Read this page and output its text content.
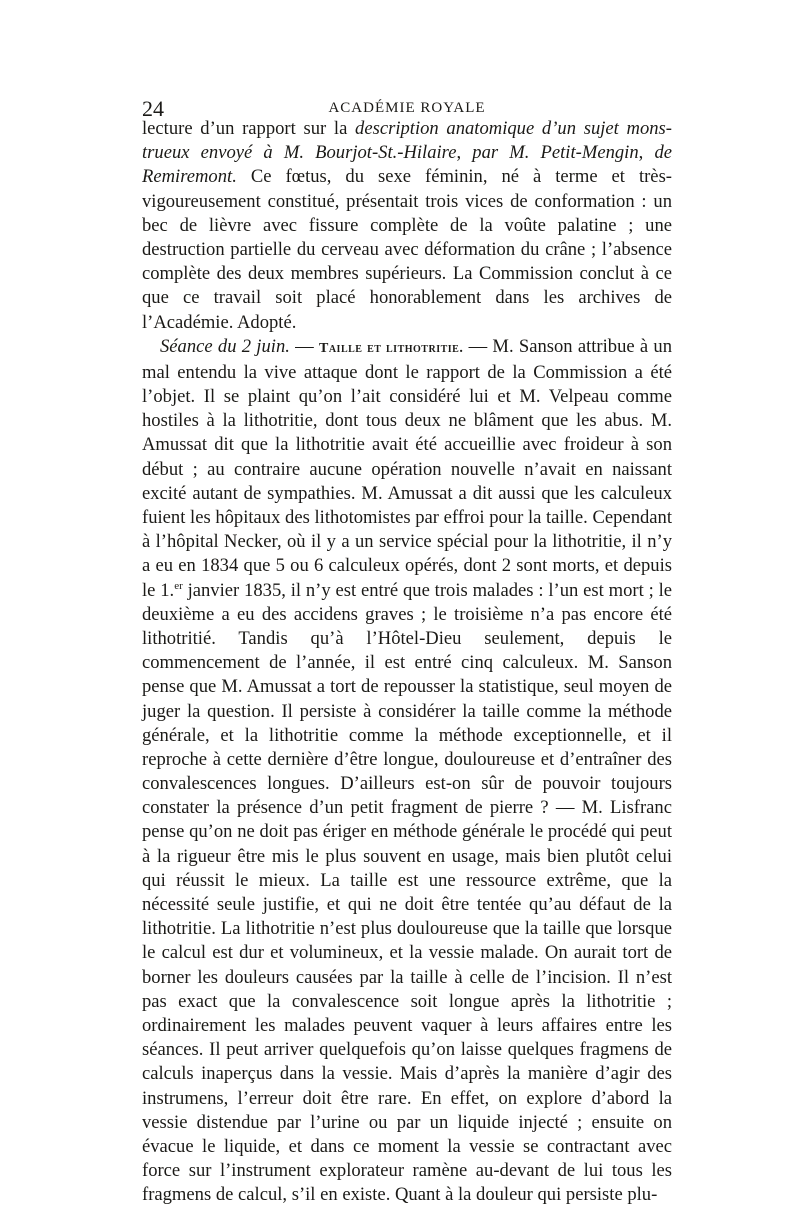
24	ACADÉMIE ROYALE

lecture d’un rapport sur la description anatomique d’un sujet mons-trueux envoyé à M. Bourjot-St.-Hilaire, par M. Petit-Mengin, de Remiremont. Ce fœtus, du sexe féminin, né à terme et très-vigoureusement constitué, présentait trois vices de conformation : un bec de lièvre avec fissure complète de la voûte palatine ; une destruction partielle du cerveau avec déformation du crâne ; l’absence complète des deux membres supérieurs. La Commission conclut à ce que ce travail soit placé honorablement dans les archives de l’Académie. Adopté.

Séance du 2 juin. — Taille et lithotritie. — M. Sanson attribue à un mal entendu la vive attaque dont le rapport de la Commission a été l’objet. Il se plaint qu’on l’ait considéré lui et M. Velpeau comme hostiles à la lithotritie, dont tous deux ne blâment que les abus. M. Amussat dit que la lithotritie avait été accueillie avec froideur à son début ; au contraire aucune opération nouvelle n’avait en naissant excité autant de sympathies. M. Amussat a dit aussi que les calculeux fuient les hôpitaux des lithotomistes par effroi pour la taille. Cependant à l’hôpital Necker, où il y a un service spécial pour la lithotritie, il n’y a eu en 1834 que 5 ou 6 calculeux opérés, dont 2 sont morts, et depuis le 1.$^{er}$ janvier 1835, il n’y est entré que trois malades : l’un est mort ; le deuxième a eu des accidens graves ; le troisième n’a pas encore été lithotritié. Tandis qu’à l’Hôtel-Dieu seulement, depuis le commencement de l’année, il est entré cinq calculeux. M. Sanson pense que M. Amussat a tort de repousser la statistique, seul moyen de juger la question. Il persiste à considérer la taille comme la méthode générale, et la lithotritie comme la méthode exceptionnelle, et il reproche à cette dernière d’être longue, douloureuse et d’entraîner des convalescences longues. D’ailleurs est-on sûr de pouvoir toujours constater la présence d’un petit fragment de pierre ? — M. Lisfranc pense qu’on ne doit pas ériger en méthode générale le procédé qui peut à la rigueur être mis le plus souvent en usage, mais bien plutôt celui qui réussit le mieux. La taille est une ressource extrême, que la nécessité seule justifie, et qui ne doit être tentée qu’au défaut de la lithotritie. La lithotritie n’est plus douloureuse que la taille que lorsque le calcul est dur et volumineux, et la vessie malade. On aurait tort de borner les douleurs causées par la taille à celle de l’incision. Il n’est pas exact que la convalescence soit longue après la lithotritie ; ordinairement les malades peuvent vaquer à leurs affaires entre les séances. Il peut arriver quelquefois qu’on laisse quelques fragmens de calculs inaperçus dans la vessie. Mais d’après la manière d’agir des instrumens, l’erreur doit être rare. En effet, on explore d’abord la vessie distendue par l’urine ou par un liquide injecté ; ensuite on évacue le liquide, et dans ce moment la vessie se contractant avec force sur l’instrument explorateur ramène au-devant de lui tous les fragmens de calcul, s’il en existe. Quant à la douleur qui persiste plu-
